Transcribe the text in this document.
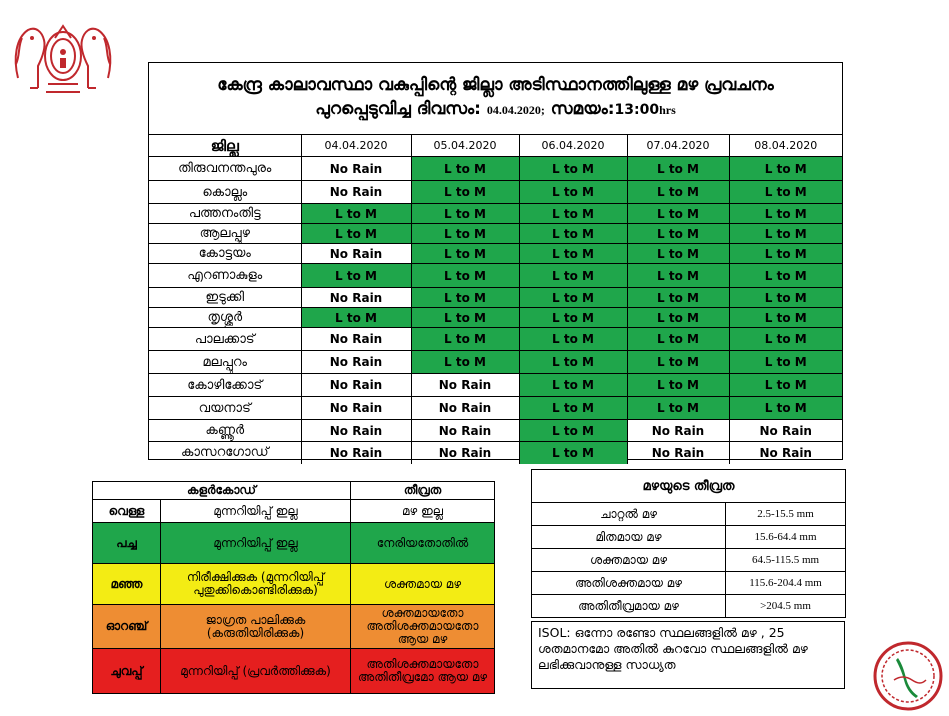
കേന്ദ്ര കാലാവസ്ഥാ വകുപ്പിന്റെ ജില്ലാ അടിസ്ഥാനത്തിലുള്ള മഴ പ്രവചനം
പുറപ്പെടുവിച്ച ദിവസം: 04.04.2020; സമയം:13:00hrs
ജില്ല	04.04.2020	05.04.2020	06.04.2020	07.04.2020	08.04.2020
തിരുവനന്തപുരം	No Rain	L to M	L to M	L to M	L to M
കൊല്ലം	No Rain	L to M	L to M	L to M	L to M
പത്തനംതിട്ട	L to M	L to M	L to M	L to M	L to M
ആലപ്പുഴ	L to M	L to M	L to M	L to M	L to M
കോട്ടയം	No Rain	L to M	L to M	L to M	L to M
എറണാകുളം	L to M	L to M	L to M	L to M	L to M
ഇടുക്കി	No Rain	L to M	L to M	L to M	L to M
തൃശ്ശൂർ	L to M	L to M	L to M	L to M	L to M
പാലക്കാട്	No Rain	L to M	L to M	L to M	L to M
മലപ്പുറം	No Rain	L to M	L to M	L to M	L to M
കോഴിക്കോട്	No Rain	No Rain	L to M	L to M	L to M
വയനാട്	No Rain	No Rain	L to M	L to M	L to M
കണ്ണൂർ	No Rain	No Rain	L to M	No Rain	No Rain
കാസറഗോഡ്	No Rain	No Rain	L to M	No Rain	No Rain
കളർകോഡ്		തീവ്രത
വെള്ള	മുന്നറിയിപ്പ് ഇല്ല	മഴ ഇല്ല
പച്ച	മുന്നറിയിപ്പ് ഇല്ല	നേരിയതോതിൽ
മഞ്ഞ	നിരീക്ഷിക്കുക (മുന്നറിയിപ്പ് പുതുക്കികൊണ്ടിരിക്കുക)	ശക്തമായ മഴ
ഓറഞ്ച്	ജാഗ്രത പാലിക്കുക (കരുതിയിരിക്കുക)	ശക്തമായതോ അതിശക്തമായതോ ആയ മഴ
ചുവപ്പ്	മുന്നറിയിപ്പ് (പ്രവർത്തിക്കുക)	അതിശക്തമായതോ അതിതീവ്രമോ ആയ മഴ
മഴയുടെ തീവ്രത	
ചാറ്റൽ മഴ	2.5-15.5 mm
മിതമായ മഴ	15.6-64.4 mm
ശക്തമായ മഴ	64.5-115.5 mm
അതിശക്തമായ മഴ	115.6-204.4 mm
അതിതീവ്രമായ മഴ	>204.5 mm
ISOL: ഒന്നോ രണ്ടോ സ്ഥലങ്ങളിൽ മഴ , 25 ശതമാനമോ അതിൽ കുറവോ സ്ഥലങ്ങളിൽ മഴ ലഭിക്കുവാനുള്ള സാധ്യത
